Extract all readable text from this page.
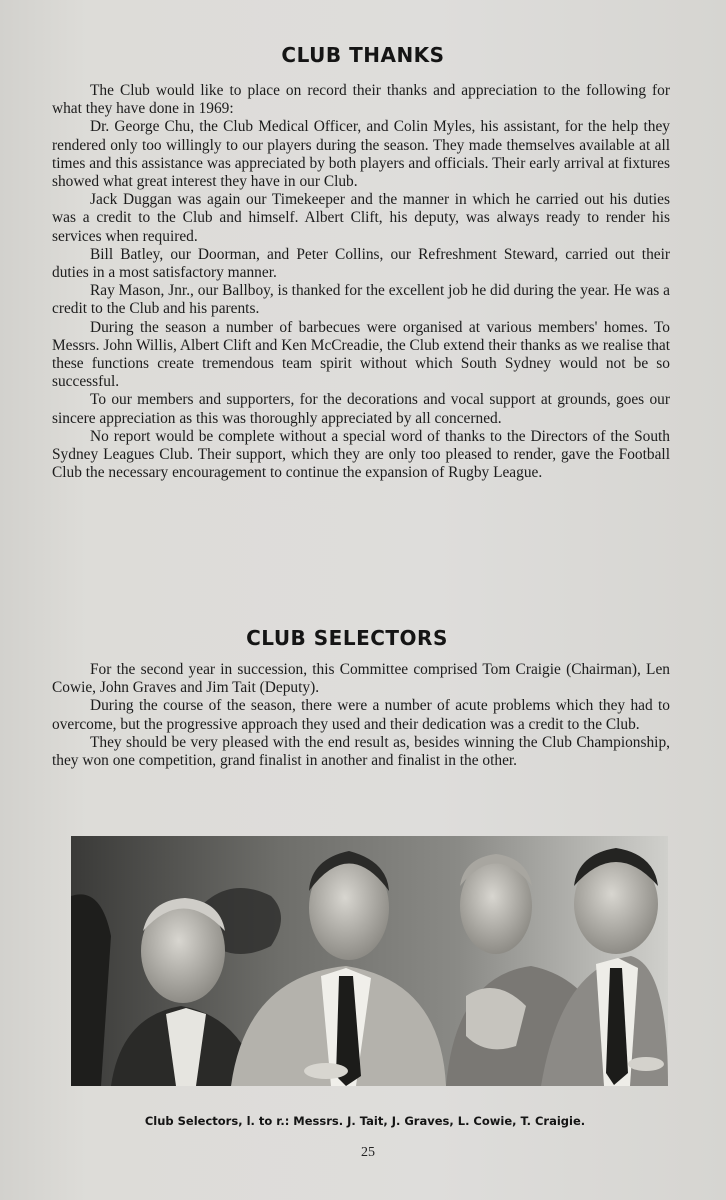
CLUB THANKS

The Club would like to place on record their thanks and appreciation to the following for what they have done in 1969:

Dr. George Chu, the Club Medical Officer, and Colin Myles, his assistant, for the help they rendered only too willingly to our players during the season. They made themselves available at all times and this assistance was appreciated by both players and officials. Their early arrival at fixtures showed what great interest they have in our Club.

Jack Duggan was again our Timekeeper and the manner in which he carried out his duties was a credit to the Club and himself. Albert Clift, his deputy, was always ready to render his services when required.

Bill Batley, our Doorman, and Peter Collins, our Refreshment Steward, carried out their duties in a most satisfactory manner.

Ray Mason, Jnr., our Ballboy, is thanked for the excellent job he did during the year. He was a credit to the Club and his parents.

During the season a number of barbecues were organised at various members' homes. To Messrs. John Willis, Albert Clift and Ken McCreadie, the Club extend their thanks as we realise that these functions create tremendous team spirit without which South Sydney would not be so successful.

To our members and supporters, for the decorations and vocal support at grounds, goes our sincere appreciation as this was thoroughly appreciated by all concerned.

No report would be complete without a special word of thanks to the Directors of the South Sydney Leagues Club. Their support, which they are only too pleased to render, gave the Football Club the necessary encouragement to continue the expansion of Rugby League.

CLUB SELECTORS

For the second year in succession, this Committee comprised Tom Craigie (Chairman), Len Cowie, John Graves and Jim Tait (Deputy).

During the course of the season, there were a number of acute problems which they had to overcome, but the progressive approach they used and their dedication was a credit to the Club.

They should be very pleased with the end result as, besides winning the Club Championship, they won one competition, grand finalist in another and finalist in the other.

Club Selectors, l. to r.: Messrs. J. Tait, J. Graves, L. Cowie, T. Craigie.
25
